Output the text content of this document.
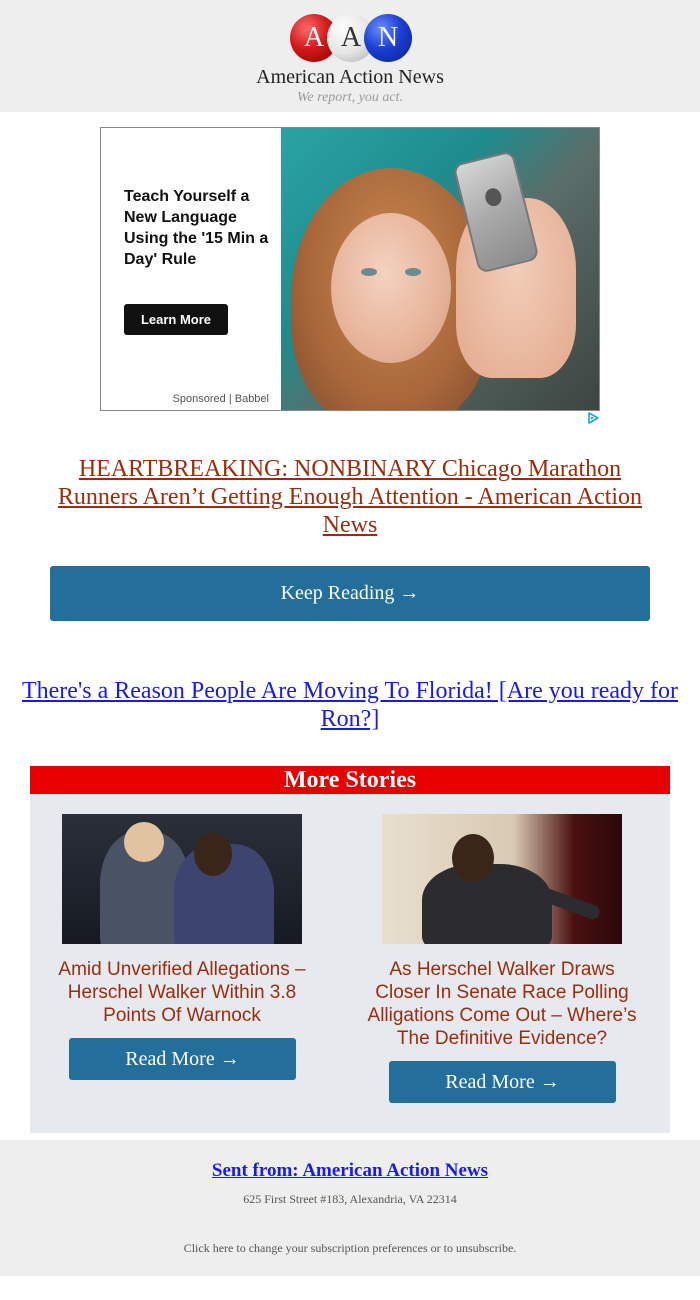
A A N
American Action News
We report, you act.
Teach Yourself a New Language Using the '15 Min a Day' Rule
Learn More
Sponsored | Babbel
HEARTBREAKING: NONBINARY Chicago Marathon Runners Aren’t Getting Enough Attention - American Action News
Keep Reading →
There's a Reason People Are Moving To Florida! [Are you ready for Ron?]
More Stories
Amid Unverified Allegations – Herschel Walker Within 3.8 Points Of Warnock
Read More →
As Herschel Walker Draws Closer In Senate Race Polling Alligations Come Out – Where’s The Definitive Evidence?
Read More →
Sent from: American Action News
625 First Street #183, Alexandria, VA 22314
Click here to change your subscription preferences or to unsubscribe.
